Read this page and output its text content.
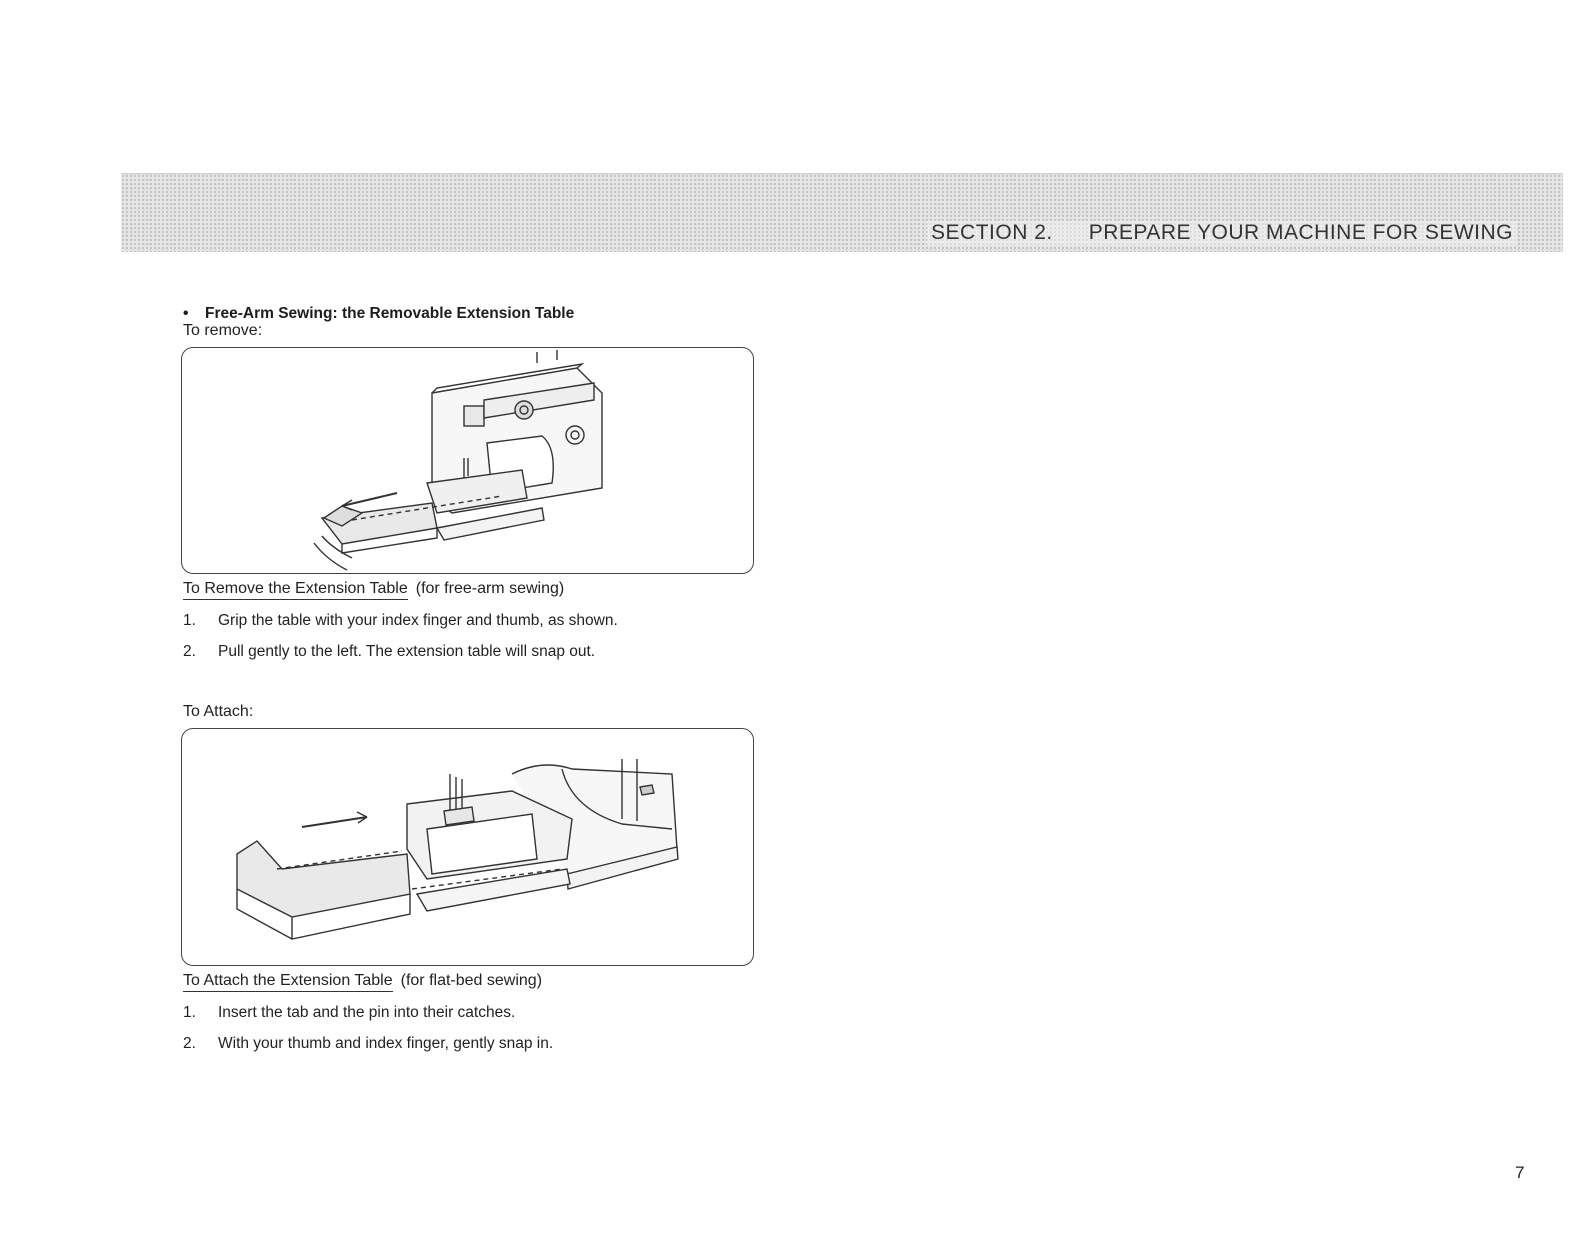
SECTION 2. PREPARE YOUR MACHINE FOR SEWING
• Free-Arm Sewing: the Removable Extension Table
To remove:
To Remove the Extension Table (for free-arm sewing)
1. Grip the table with your index finger and thumb, as shown.
2. Pull gently to the left. The extension table will snap out.
To Attach:
To Attach the Extension Table (for flat-bed sewing)
1. Insert the tab and the pin into their catches.
2. With your thumb and index finger, gently snap in.
7
